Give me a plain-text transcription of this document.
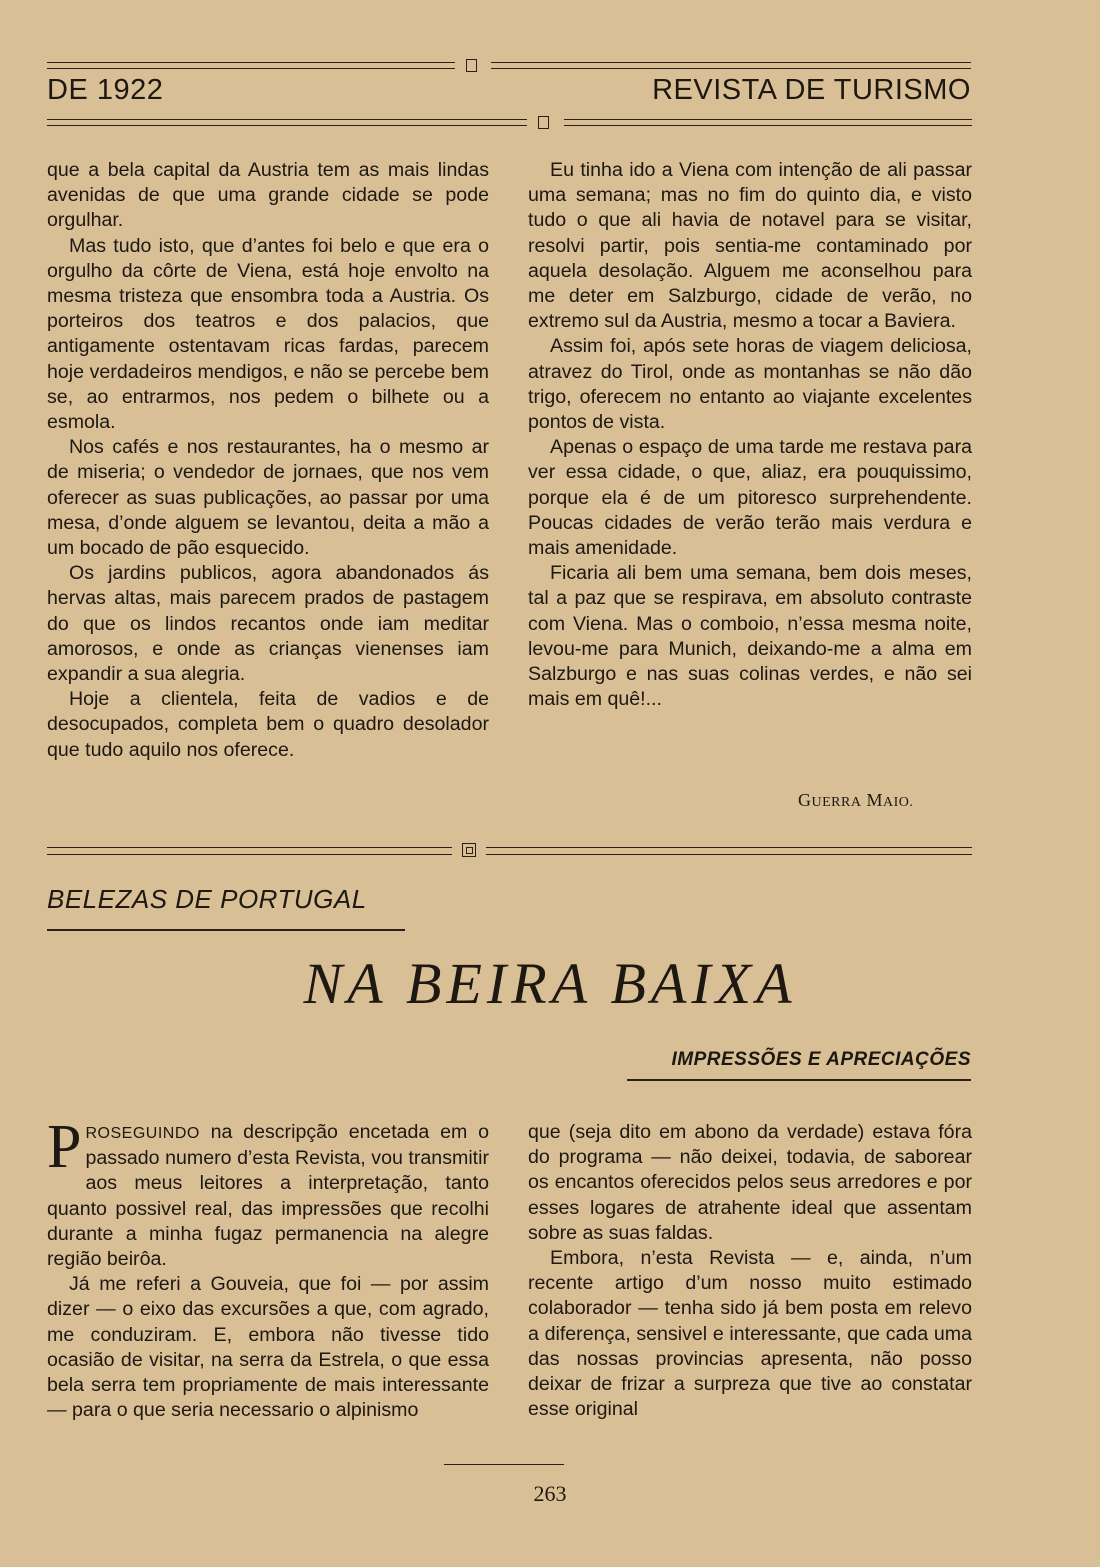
DE 1922	REVISTA DE TURISMO

que a bela capital da Austria tem as mais lindas avenidas de que uma grande cidade se pode orgulhar.

Mas tudo isto, que d’antes foi belo e que era o orgulho da côrte de Viena, está hoje envolto na mesma tristeza que ensombra toda a Austria. Os porteiros dos teatros e dos palacios, que antigamente ostentavam ricas fardas, parecem hoje verdadeiros mendigos, e não se percebe bem se, ao entrarmos, nos pedem o bilhete ou a esmola.

Nos cafés e nos restaurantes, ha o mesmo ar de miseria; o vendedor de jornaes, que nos vem oferecer as suas publicações, ao passar por uma mesa, d’onde alguem se levantou, deita a mão a um bocado de pão esquecido.

Os jardins publicos, agora abandonados ás hervas altas, mais parecem prados de pastagem do que os lindos recantos onde iam meditar amorosos, e onde as crianças vienenses iam expandir a sua alegria.

Hoje a clientela, feita de vadios e de desocupados, completa bem o quadro desolador que tudo aquilo nos oferece.

Eu tinha ido a Viena com intenção de ali passar uma semana; mas no fim do quinto dia, e visto tudo o que ali havia de notavel para se visitar, resolvi partir, pois sentia-me contaminado por aquela desolação. Alguem me aconselhou para me deter em Salzburgo, cidade de verão, no extremo sul da Austria, mesmo a tocar a Baviera.

Assim foi, após sete horas de viagem deliciosa, atravez do Tirol, onde as montanhas se não dão trigo, oferecem no entanto ao viajante excelentes pontos de vista.

Apenas o espaço de uma tarde me restava para ver essa cidade, o que, aliaz, era pouquissimo, porque ela é de um pitoresco surprehendente. Poucas cidades de verão terão mais verdura e mais amenidade.

Ficaria ali bem uma semana, bem dois meses, tal a paz que se respirava, em absoluto contraste com Viena. Mas o comboio, n’essa mesma noite, levou-me para Munich, deixando-me a alma em Salzburgo e nas suas colinas verdes, e não sei mais em quê!...

GUERRA MAIO.
BELEZAS DE PORTUGAL
NA BEIRA BAIXA
IMPRESSÕES E APRECIAÇÕES

PROSEGUINDO na descripção encetada em o passado numero d’esta Revista, vou transmitir aos meus leitores a interpretação, tanto quanto possivel real, das impressões que recolhi durante a minha fugaz permanencia na alegre região beirôa.

Já me referi a Gouveia, que foi — por assim dizer — o eixo das excursões a que, com agrado, me conduziram. E, embora não tivesse tido ocasião de visitar, na serra da Estrela, o que essa bela serra tem propriamente de mais interessante — para o que seria necessario o alpinismo

que (seja dito em abono da verdade) estava fóra do programa — não deixei, todavia, de saborear os encantos oferecidos pelos seus arredores e por esses logares de atrahente ideal que assentam sobre as suas faldas.

Embora, n’esta Revista — e, ainda, n’um recente artigo d’um nosso muito estimado colaborador — tenha sido já bem posta em relevo a diferença, sensivel e interessante, que cada uma das nossas provincias apresenta, não posso deixar de frizar a surpreza que tive ao constatar esse original

263
